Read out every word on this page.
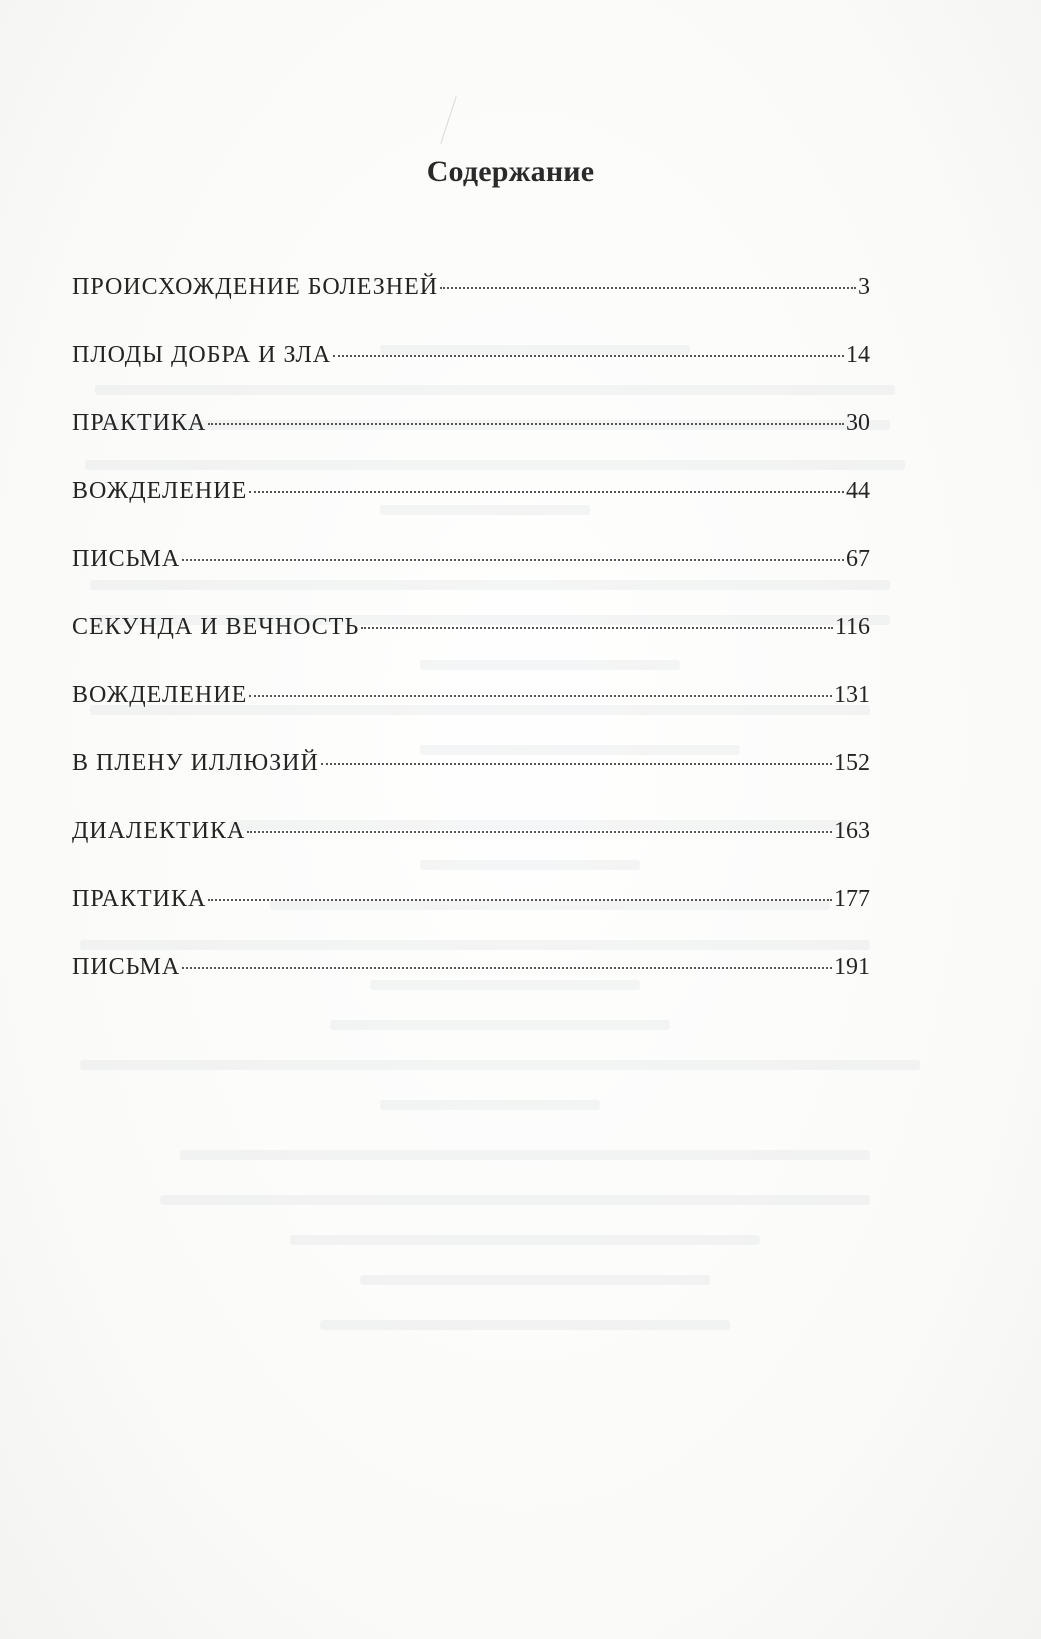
Содержание
ПРОИСХОЖДЕНИЕ БОЛЕЗНЕЙ	3
ПЛОДЫ ДОБРА И ЗЛА	14
ПРАКТИКА	30
ВОЖДЕЛЕНИЕ	44
ПИСЬМА	67
СЕКУНДА И ВЕЧНОСТЬ	116
ВОЖДЕЛЕНИЕ	131
В ПЛЕНУ ИЛЛЮЗИЙ	152
ДИАЛЕКТИКА	163
ПРАКТИКА	177
ПИСЬМА	191
